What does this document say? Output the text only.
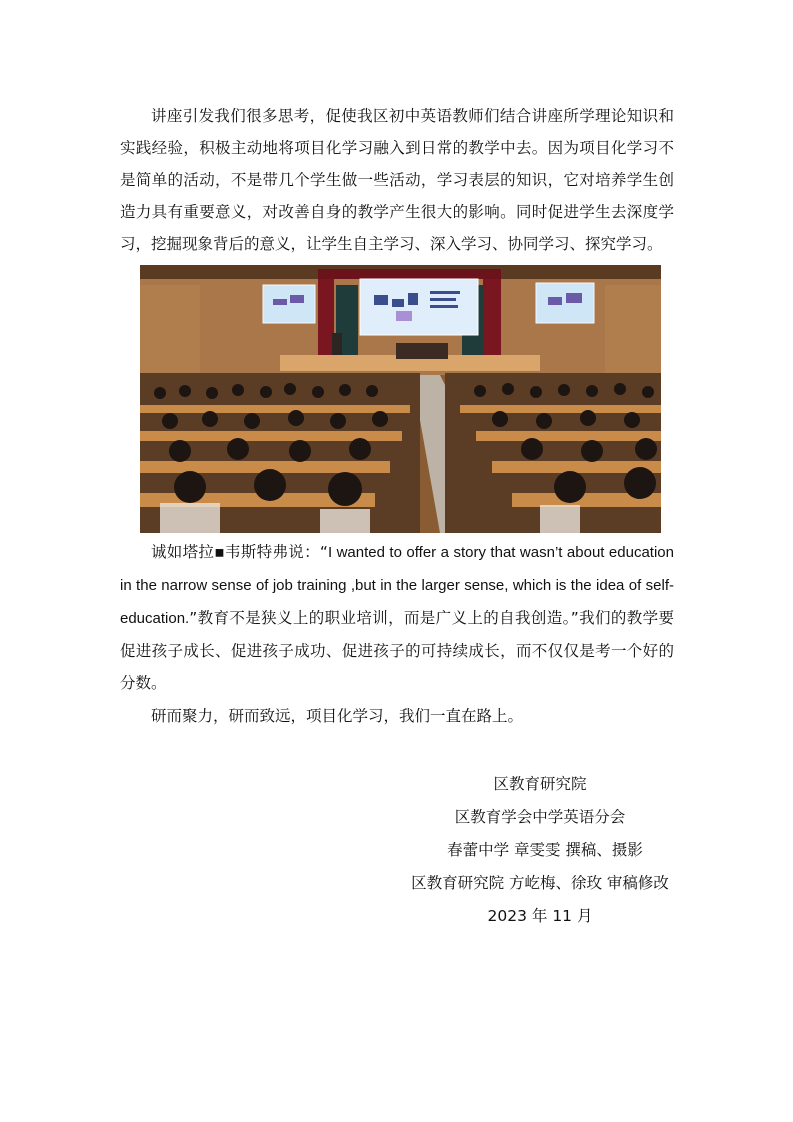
讲座引发我们很多思考，促使我区初中英语教师们结合讲座所学理论知识和实践经验，积极主动地将项目化学习融入到日常的教学中去。因为项目化学习不是简单的活动，不是带几个学生做一些活动，学习表层的知识，它对培养学生创造力具有重要意义，对改善自身的教学产生很大的影响。同时促进学生去深度学习，挖掘现象背后的意义，让学生自主学习、深入学习、协同学习、探究学习。

诚如塔拉▪韦斯特弗说：“I wanted to offer a story that wasn’t about education in the narrow sense of job training ,but in the larger sense, which is the idea of self-education.”教育不是狭义上的职业培训，而是广义上的自我创造。”我们的教学要促进孩子成长、促进孩子成功、促进孩子的可持续成长，而不仅仅是考一个好的分数。

研而聚力，研而致远，项目化学习，我们一直在路上。

区教育研究院
区教育学会中学英语分会
春蕾中学 章雯雯 撰稿、摄影
区教育研究院 方屹梅、徐玫 审稿修改
2023 年 11 月
